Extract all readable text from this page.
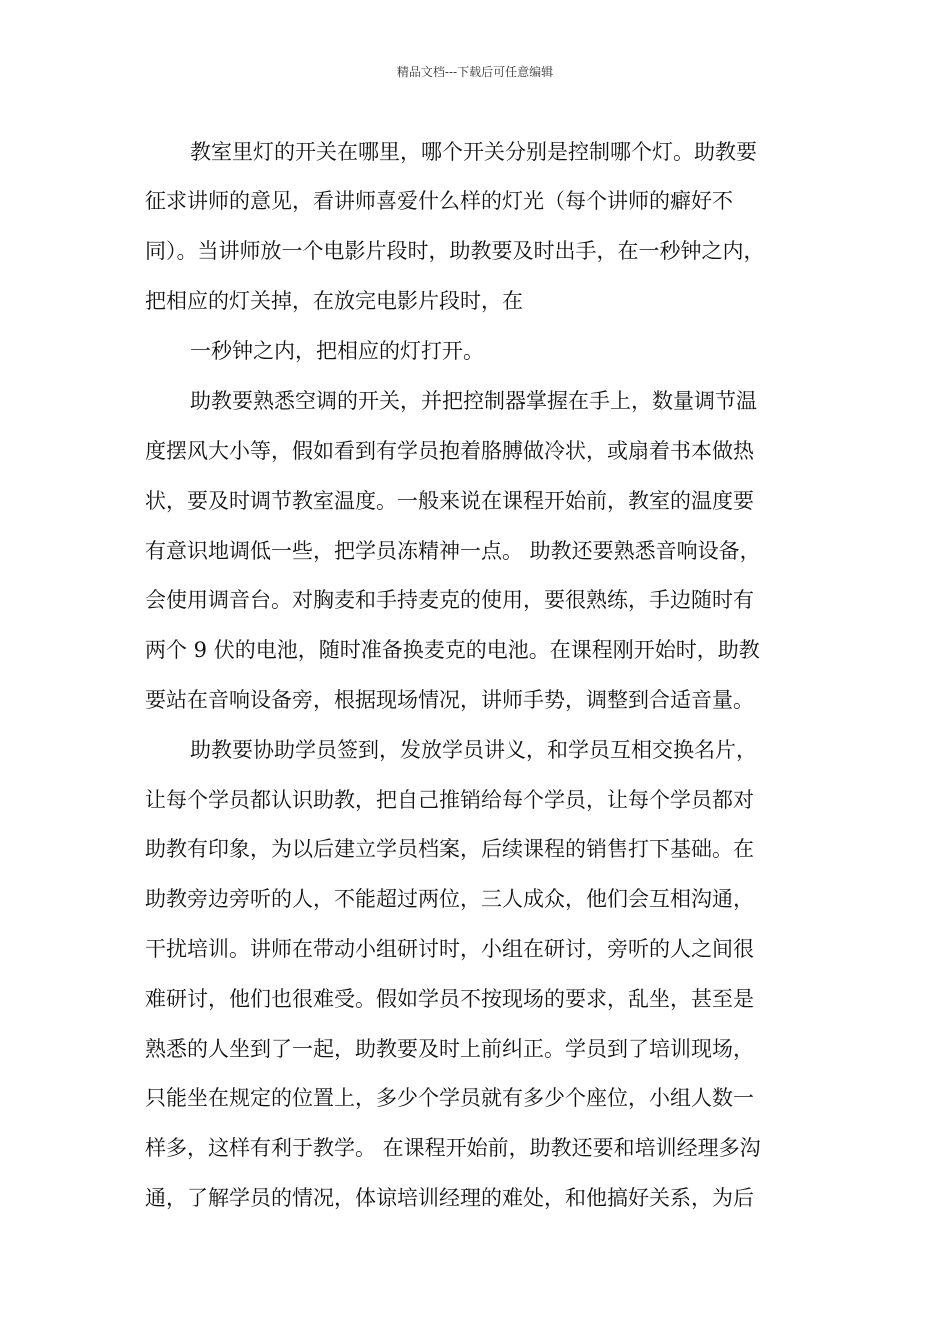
精品文档---下载后可任意编辑
教室里灯的开关在哪里，哪个开关分别是控制哪个灯。助教要
征求讲师的意见，看讲师喜爱什么样的灯光（每个讲师的癖好不
同）。当讲师放一个电影片段时，助教要及时出手，在一秒钟之内，
把相应的灯关掉，在放完电影片段时，在
一秒钟之内，把相应的灯打开。
助教要熟悉空调的开关，并把控制器掌握在手上，数量调节温
度摆风大小等，假如看到有学员抱着胳膊做冷状，或扇着书本做热
状，要及时调节教室温度。一般来说在课程开始前，教室的温度要
有意识地调低一些，把学员冻精神一点。 助教还要熟悉音响设备，
会使用调音台。对胸麦和手持麦克的使用，要很熟练，手边随时有
两个 9 伏的电池，随时准备换麦克的电池。在课程刚开始时，助教
要站在音响设备旁，根据现场情况，讲师手势，调整到合适音量。
助教要协助学员签到，发放学员讲义，和学员互相交换名片，
让每个学员都认识助教，把自己推销给每个学员，让每个学员都对
助教有印象，为以后建立学员档案，后续课程的销售打下基础。在
助教旁边旁听的人，不能超过两位，三人成众，他们会互相沟通，
干扰培训。讲师在带动小组研讨时，小组在研讨，旁听的人之间很
难研讨，他们也很难受。假如学员不按现场的要求，乱坐，甚至是
熟悉的人坐到了一起，助教要及时上前纠正。学员到了培训现场，
只能坐在规定的位置上，多少个学员就有多少个座位，小组人数一
样多，这样有利于教学。 在课程开始前，助教还要和培训经理多沟
通，了解学员的情况，体谅培训经理的难处，和他搞好关系，为后
